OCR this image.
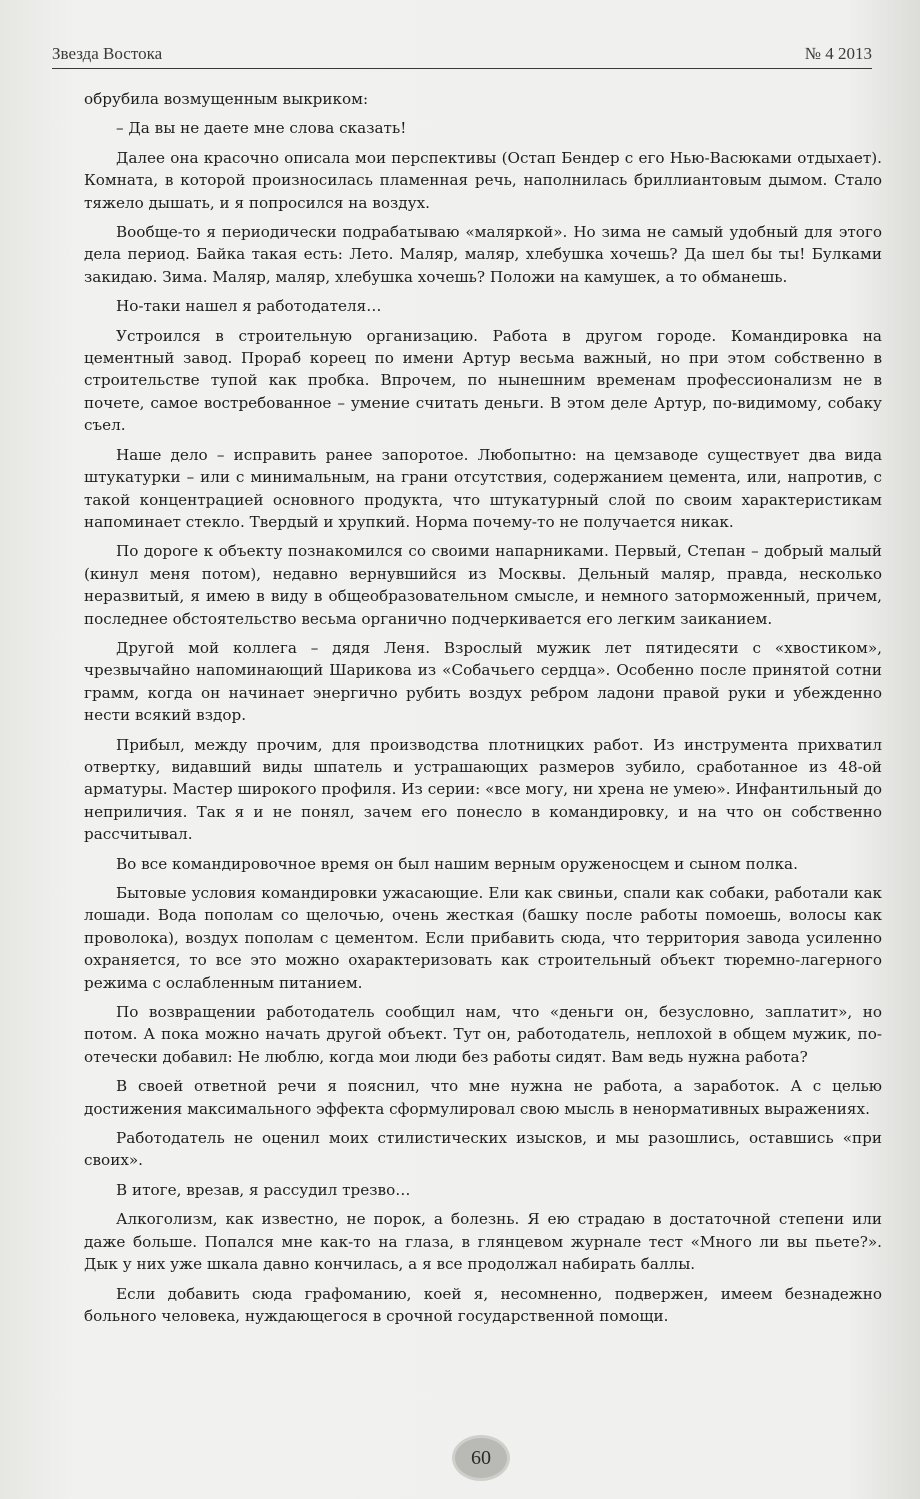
Звезда Востока	№ 4 2013

обрубила возмущенным выкриком:

– Да вы не даете мне слова сказать!

Далее она красочно описала мои перспективы (Остап Бендер с его Нью-Васюками отдыхает). Комната, в которой произносилась пламенная речь, наполнилась бриллиантовым дымом. Стало тяжело дышать, и я попросился на воздух.

Вообще-то я периодически подрабатываю «маляркой». Но зима не самый удобный для этого дела период. Байка такая есть: Лето. Маляр, маляр, хлебушка хочешь? Да шел бы ты! Булками закидаю. Зима. Маляр, маляр, хлебушка хочешь? Положи на камушек, а то обманешь.

Но-таки нашел я работодателя…

Устроился в строительную организацию. Работа в другом городе. Командировка на цементный завод. Прораб кореец по имени Артур весьма важный, но при этом собственно в строительстве тупой как пробка. Впрочем, по нынешним временам профессионализм не в почете, самое востребованное – умение считать деньги. В этом деле Артур, по-видимому, собаку съел.

Наше дело – исправить ранее запоротое. Любопытно: на цемзаводе существует два вида штукатурки – или с минимальным, на грани отсутствия, содержанием цемента, или, напротив, с такой концентрацией основного продукта, что штукатурный слой по своим характеристикам напоминает стекло. Твердый и хрупкий. Норма почему-то не получается никак.

По дороге к объекту познакомился со своими напарниками. Первый, Степан – добрый малый (кинул меня потом), недавно вернувшийся из Москвы. Дельный маляр, правда, несколько неразвитый, я имею в виду в общеобразовательном смысле, и немного заторможенный, причем, последнее обстоятельство весьма органично подчеркивается его легким заиканием.

Другой мой коллега – дядя Леня. Взрослый мужик лет пятидесяти с «хвостиком», чрезвычайно напоминающий Шарикова из «Собачьего сердца». Особенно после принятой сотни грамм, когда он начинает энергично рубить воздух ребром ладони правой руки и убежденно нести всякий вздор.

Прибыл, между прочим, для производства плотницких работ. Из инструмента прихватил отвертку, видавший виды шпатель и устрашающих размеров зубило, сработанное из 48-ой арматуры. Мастер широкого профиля. Из серии: «все могу, ни хрена не умею». Инфантильный до неприличия. Так я и не понял, зачем его понесло в командировку, и на что он собственно рассчитывал.

Во все командировочное время он был нашим верным оруженосцем и сыном полка.

Бытовые условия командировки ужасающие. Ели как свиньи, спали как собаки, работали как лошади. Вода пополам со щелочью, очень жесткая (башку после работы помоешь, волосы как проволока), воздух пополам с цементом. Если прибавить сюда, что территория завода усиленно охраняется, то все это можно охарактеризовать как строительный объект тюремно-лагерного режима с ослабленным питанием.

По возвращении работодатель сообщил нам, что «деньги он, безусловно, заплатит», но потом. А пока можно начать другой объект. Тут он, работодатель, неплохой в общем мужик, по-отечески добавил: Не люблю, когда мои люди без работы сидят. Вам ведь нужна работа?

В своей ответной речи я пояснил, что мне нужна не работа, а заработок. А с целью достижения максимального эффекта сформулировал свою мысль в ненормативных выражениях.

Работодатель не оценил моих стилистических изысков, и мы разошлись, оставшись «при своих».

В итоге, врезав, я рассудил трезво…

Алкоголизм, как известно, не порок, а болезнь. Я ею страдаю в достаточной степени или даже больше. Попался мне как-то на глаза, в глянцевом журнале тест «Много ли вы пьете?». Дык у них уже шкала давно кончилась, а я все продолжал набирать баллы.

Если добавить сюда графоманию, коей я, несомненно, подвержен, имеем безнадежно больного человека, нуждающегося в срочной государственной помощи.

60
